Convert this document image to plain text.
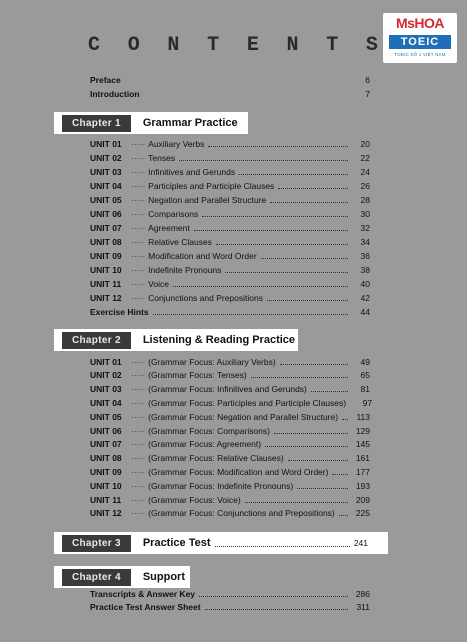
C O N T E N T S
MsHOA
TOEIC
TOEIC SỐ 1 VIỆT NAM
Preface	6
Introduction	7
Chapter 1	Grammar Practice
UNIT 01	····· Auxiliary Verbs	20
UNIT 02	····· Tenses	22
UNIT 03	····· Infinitives and Gerunds	24
UNIT 04	····· Participles and Participle Clauses	26
UNIT 05	····· Negation and Parallel Structure	28
UNIT 06	····· Comparisons	30
UNIT 07	····· Agreement	32
UNIT 08	····· Relative Clauses	34
UNIT 09	····· Modification and Word Order	36
UNIT 10	····· Indefinite Pronouns	38
UNIT 11	····· Voice	40
UNIT 12	····· Conjunctions and Prepositions	42
Exercise Hints	44
Chapter 2	Listening & Reading Practice
UNIT 01	····· (Grammar Focus: Auxiliary Verbs)	49
UNIT 02	····· (Grammar Focus: Tenses)	65
UNIT 03	····· (Grammar Focus: Infinitives and Gerunds)	81
UNIT 04	····· (Grammar Focus: Participles and Participle Clauses)	97
UNIT 05	····· (Grammar Focus: Negation and Parallel Structure)	113
UNIT 06	····· (Grammar Focus: Comparisons)	129
UNIT 07	····· (Grammar Focus: Agreement)	145
UNIT 08	····· (Grammar Focus: Relative Clauses)	161
UNIT 09	····· (Grammar Focus: Modification and Word Order)	177
UNIT 10	····· (Grammar Focus: Indefinite Pronouns)	193
UNIT 11	····· (Grammar Focus: Voice)	209
UNIT 12	····· (Grammar Focus: Conjunctions and Prepositions)	225
Chapter 3	Practice Test	241
Chapter 4	Support
Transcripts & Answer Key	286
Practice Test Answer Sheet	311
